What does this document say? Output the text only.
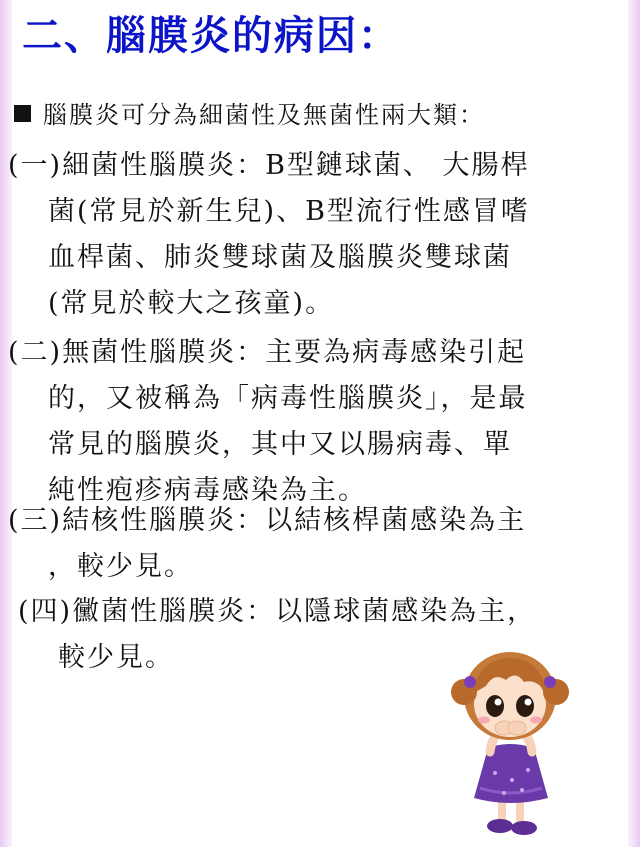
二、腦膜炎的病因：
腦膜炎可分為細菌性及無菌性兩大類：
(一)細菌性腦膜炎：B型鏈球菌、 大腸桿
菌(常見於新生兒)、B型流行性感冒嗜
血桿菌、肺炎雙球菌及腦膜炎雙球菌
(常見於較大之孩童)。
(二)無菌性腦膜炎：主要為病毒感染引起
的，又被稱為「病毒性腦膜炎」，是最
常見的腦膜炎，其中又以腸病毒、單
純性疱疹病毒感染為主。
(三)結核性腦膜炎：以結核桿菌感染為主
，較少見。
(四)黴菌性腦膜炎：以隱球菌感染為主，
較少見。
